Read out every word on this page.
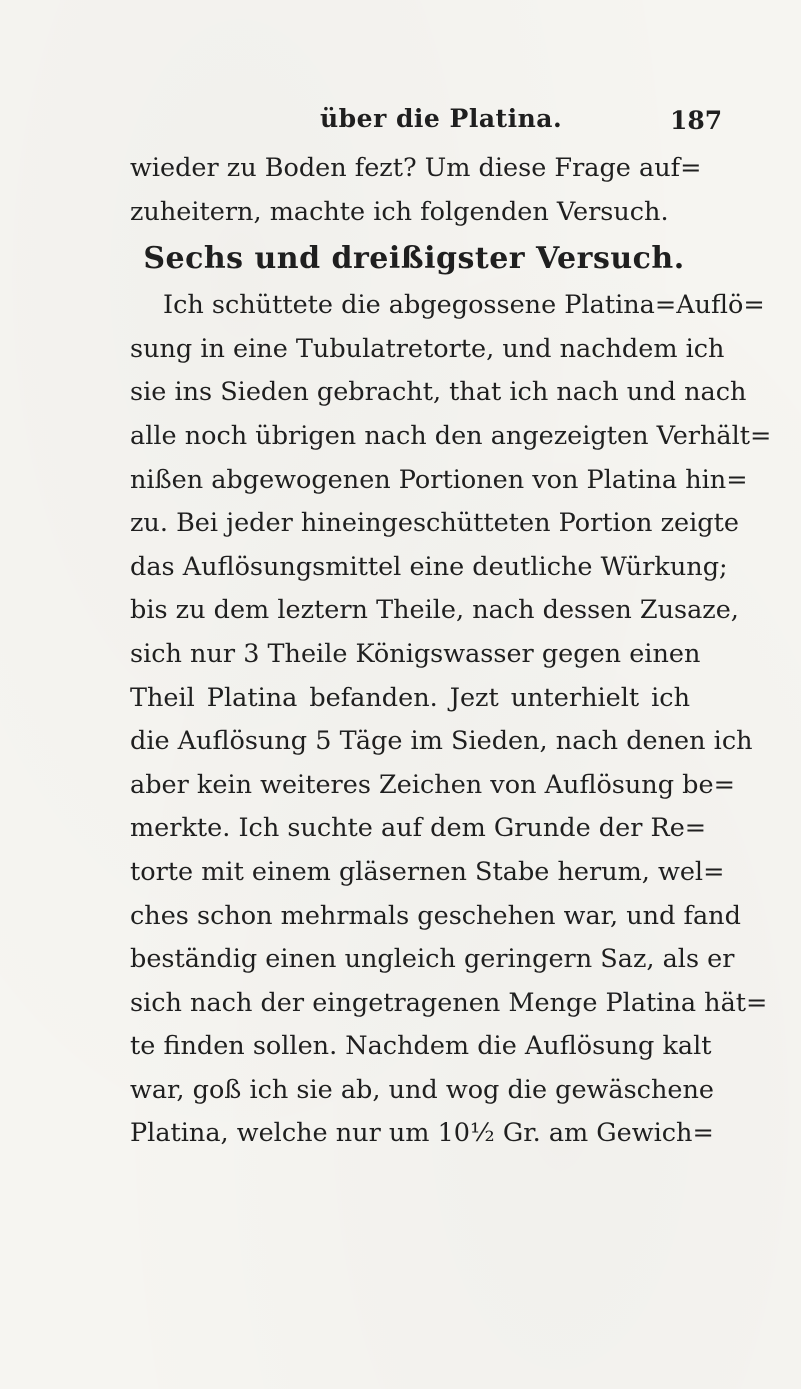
über die Platina.	187
wieder zu Boden fezt? Um diese Frage auf=
zuheitern, machte ich folgenden Versuch.
Sechs und dreißigster Versuch.
Ich schüttete die abgegossene Platina=Auflö=
sung in eine Tubulatretorte, und nachdem ich
sie ins Sieden gebracht, that ich nach und nach
alle noch übrigen nach den angezeigten Verhält=
nißen abgewogenen Portionen von Platina hin=
zu. Bei jeder hineingeschütteten Portion zeigte
das Auflösungsmittel eine deutliche Würkung;
bis zu dem leztern Theile, nach dessen Zusaze,
sich nur 3 Theile Königswasser gegen einen
Theil Platina befanden. Jezt unterhielt ich
die Auflösung 5 Täge im Sieden, nach denen ich
aber kein weiteres Zeichen von Auflösung be=
merkte. Ich suchte auf dem Grunde der Re=
torte mit einem gläsernen Stabe herum, wel=
ches schon mehrmals geschehen war, und fand
beständig einen ungleich geringern Saz, als er
sich nach der eingetragenen Menge Platina hät=
te finden sollen. Nachdem die Auflösung kalt
war, goß ich sie ab, und wog die gewäschene
Platina, welche nur um 10½ Gr. am Gewich=
